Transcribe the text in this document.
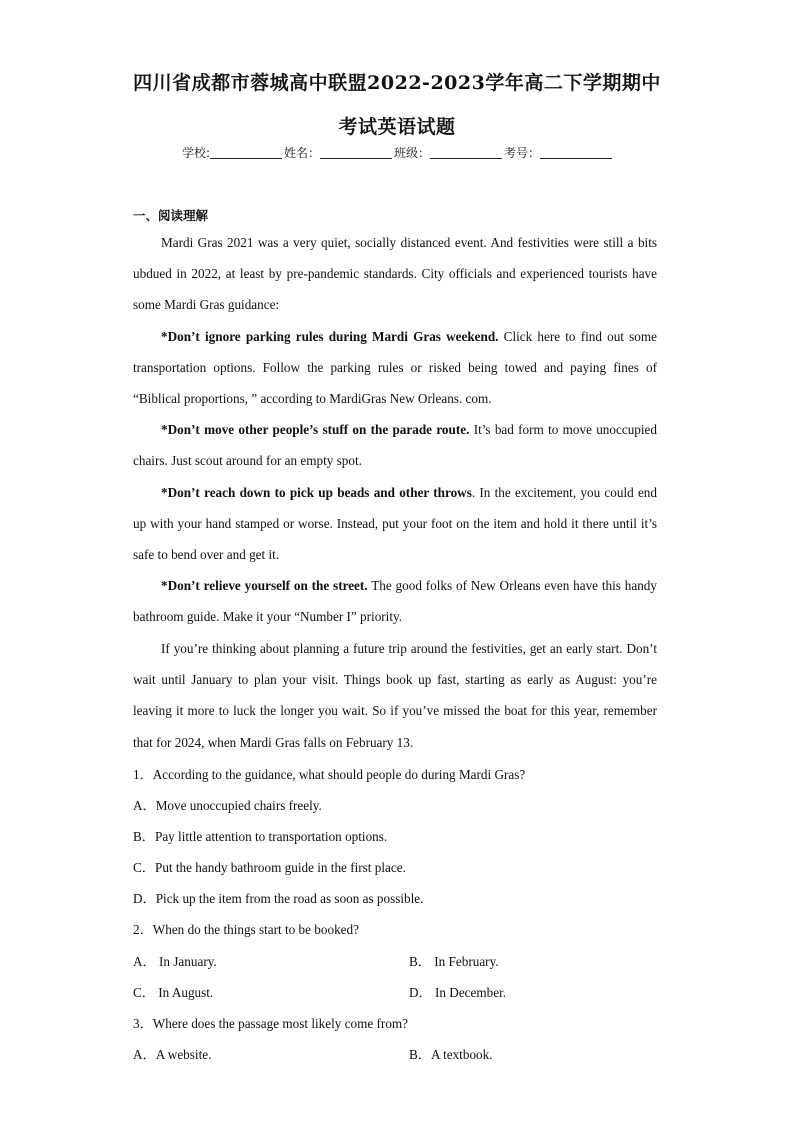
四川省成都市蓉城高中联盟2022-2023学年高二下学期期中
考试英语试题
学校:	姓名：	班级：	考号：
一、阅读理解

Mardi Gras 2021 was a very quiet, socially distanced event. And festivities were still a bits ubdued in 2022, at least by pre-pandemic standards. City officials and experienced tourists have some Mardi Gras guidance:

*Don’t ignore parking rules during Mardi Gras weekend. Click here to find out some transportation options. Follow the parking rules or risked being towed and paying fines of “Biblical proportions, ” according to MardiGras New Orleans. com.

*Don’t move other people’s stuff on the parade route. It’s bad form to move unoccupied chairs. Just scout around for an empty spot.

*Don’t reach down to pick up beads and other throws. In the excitement, you could end up with your hand stamped or worse. Instead, put your foot on the item and hold it there until it’s safe to bend over and get it.

*Don’t relieve yourself on the street. The good folks of New Orleans even have this handy bathroom guide. Make it your “Number I” priority.

If you’re thinking about planning a future trip around the festivities, get an early start. Don’t wait until January to plan your visit. Things book up fast, starting as early as August: you’re leaving it more to luck the longer you wait. So if you’ve missed the boat for this year, remember that for 2024, when Mardi Gras falls on February 13.

1．According to the guidance, what should people do during Mardi Gras?
A．Move unoccupied chairs freely.
B．Pay little attention to transportation options.
C．Put the handy bathroom guide in the first place.
D．Pick up the item from the road as soon as possible.
2．When do the things start to be booked?
A． In January.	B． In February.
C． In August.	D． In December.
3．Where does the passage most likely come from?
A．A website.	B．A textbook.
